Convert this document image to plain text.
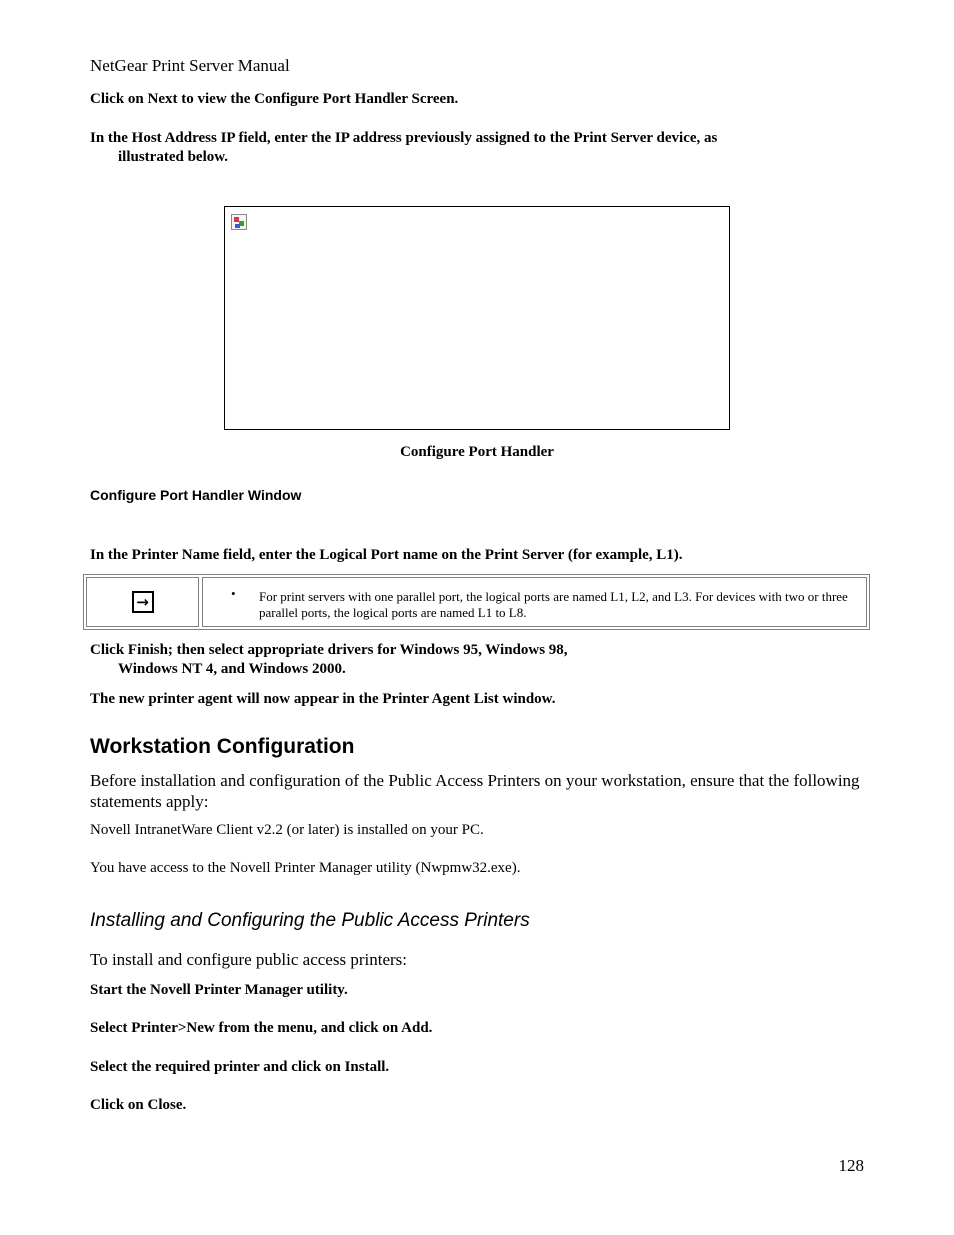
NetGear Print Server Manual
Click on Next to view the Configure Port Handler Screen.
In the Host Address IP field, enter the IP address previously assigned to the Print Server device, as
illustrated below.
Configure Port Handler
Configure Port Handler Window
In the Printer Name field, enter the Logical Port name on the Print Server (for example, L1).
→	• For print servers with one parallel port, the logical ports are named L1, L2, and L3. For devices with two or three parallel ports, the logical ports are named L1 to L8.
Click Finish; then select appropriate drivers for Windows 95, Windows 98,
Windows NT 4, and Windows 2000.
The new printer agent will now appear in the Printer Agent List window.
Workstation Configuration
Before installation and configuration of the Public Access Printers on your workstation, ensure that the following statements apply:
Novell IntranetWare Client v2.2 (or later) is installed on your PC.
You have access to the Novell Printer Manager utility (Nwpmw32.exe).
Installing and Configuring the Public Access Printers
To install and configure public access printers:
Start the Novell Printer Manager utility.
Select Printer>New from the menu, and click on Add.
Select the required printer and click on Install.
Click on Close.
128
